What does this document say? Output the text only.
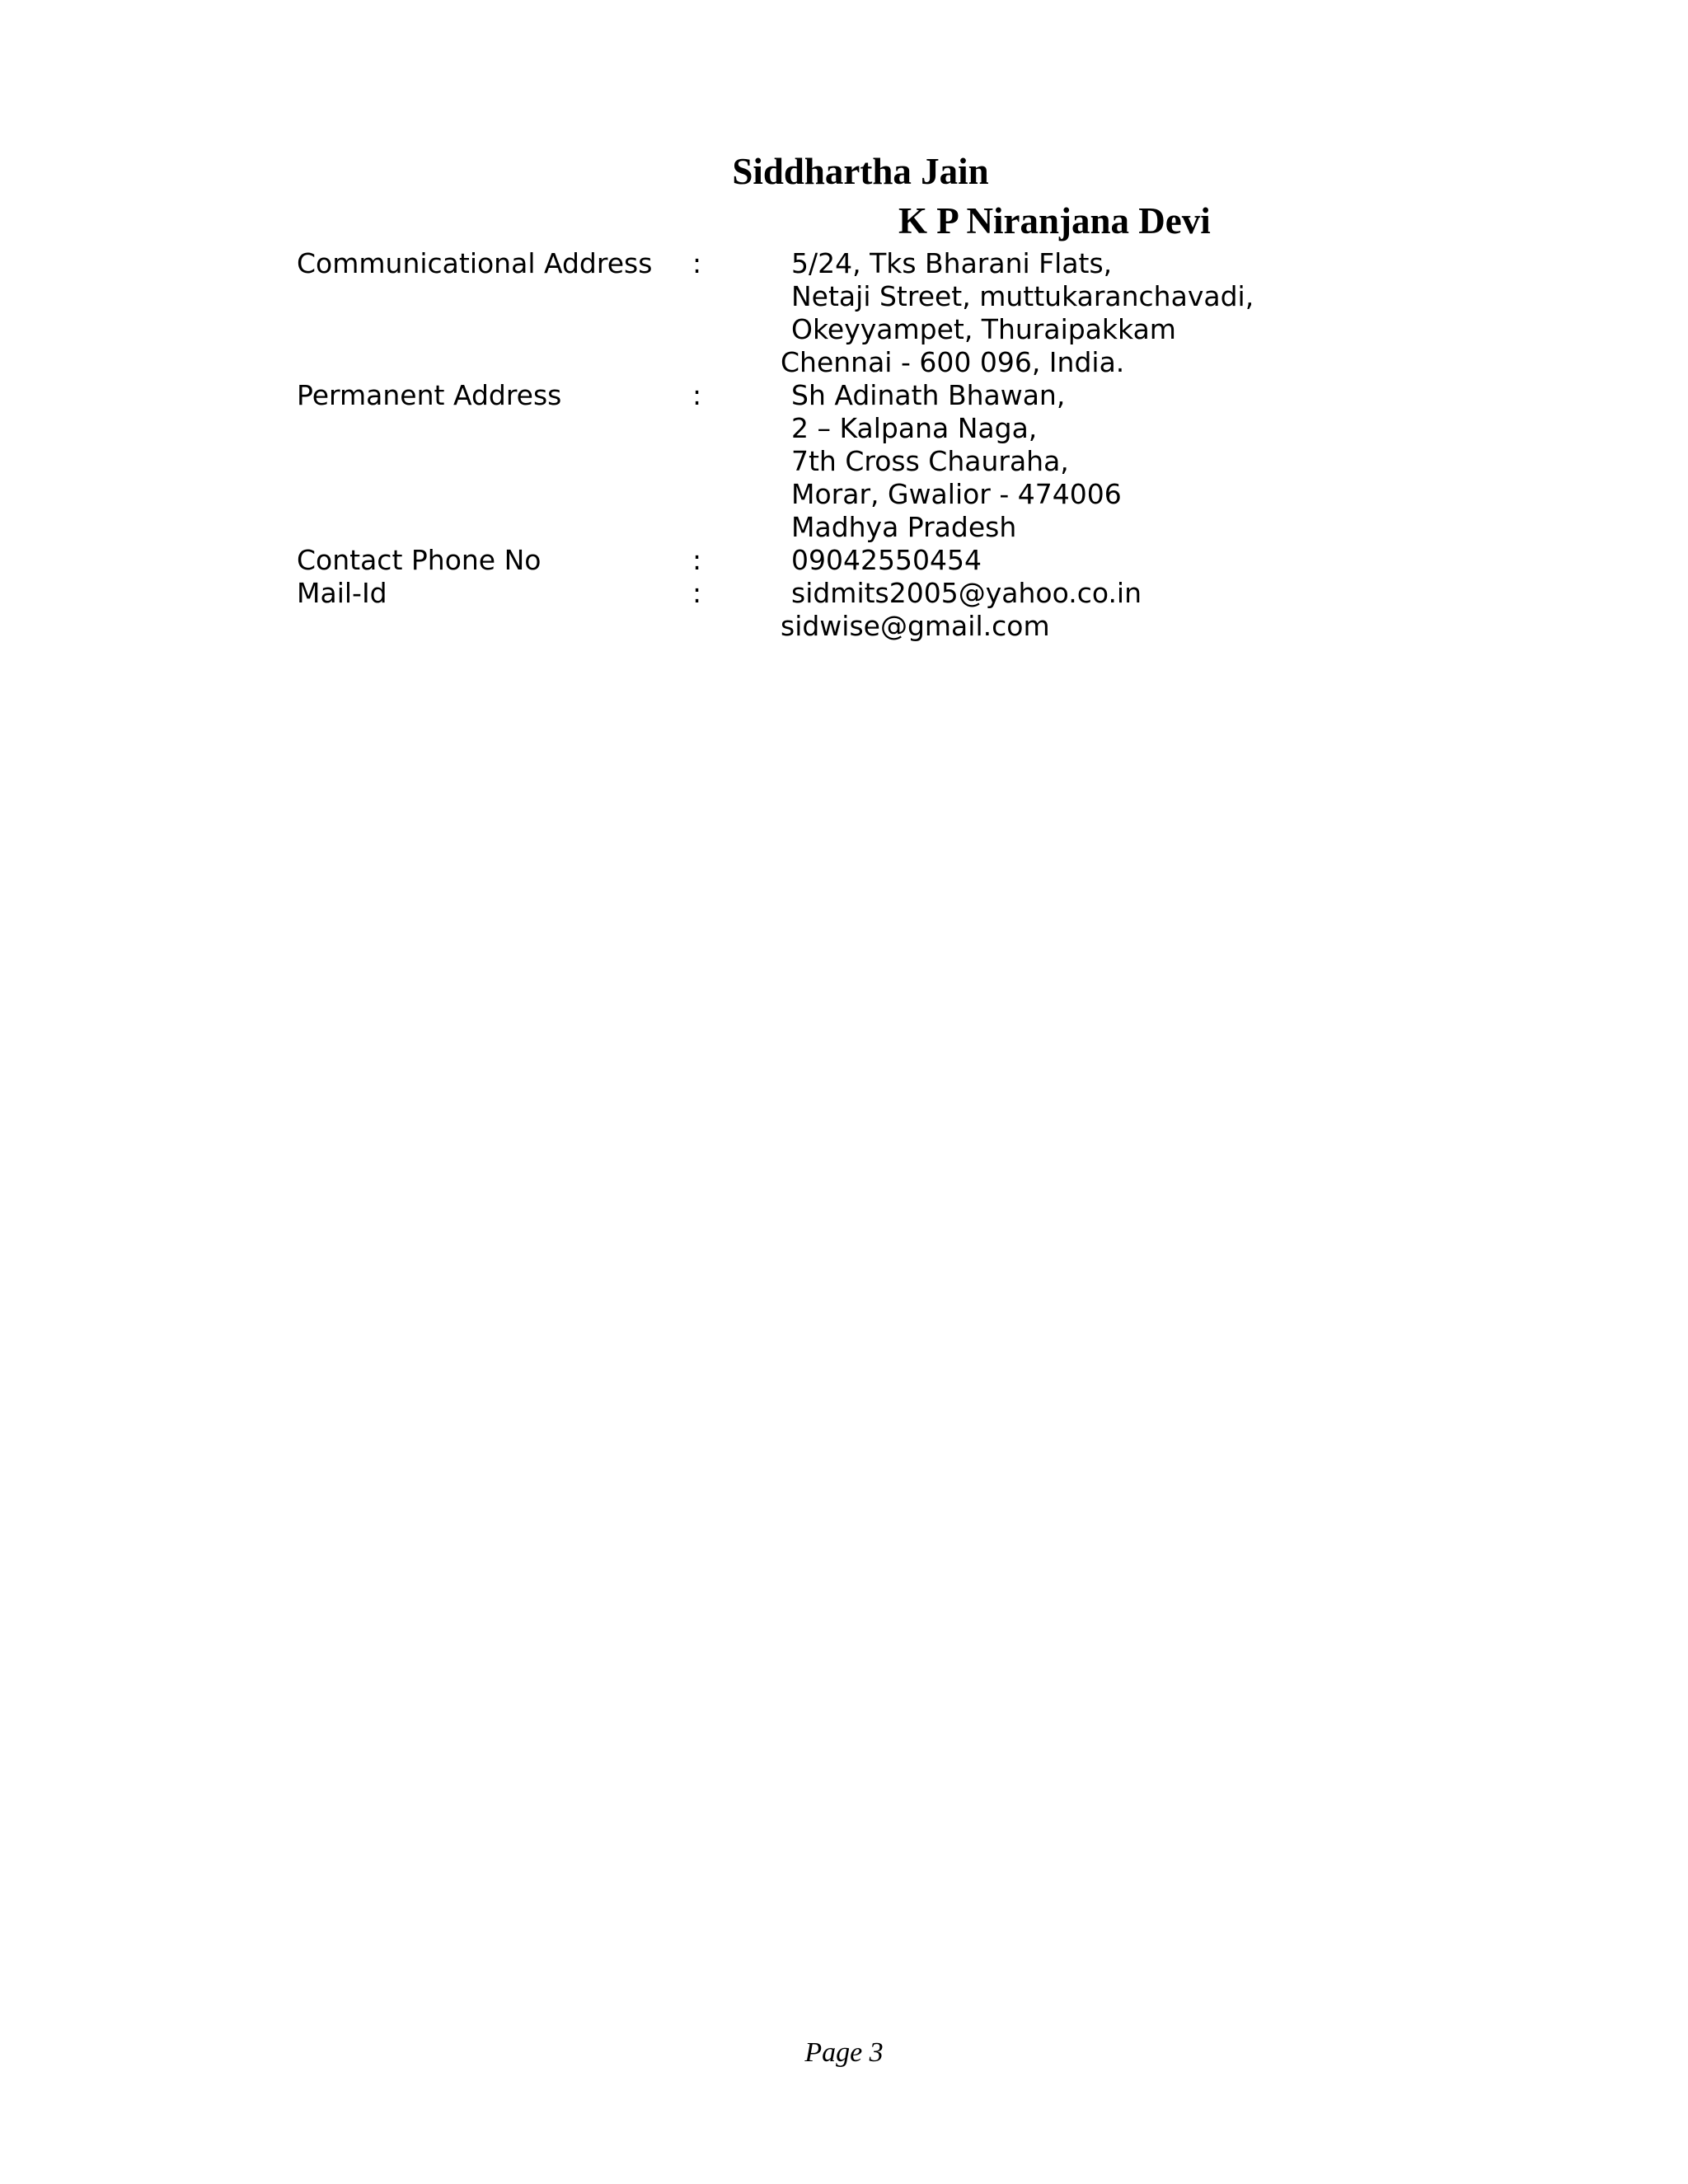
Siddhartha Jain
K P Niranjana Devi
Communicational Address	:	5/24, Tks Bharani Flats,
Netaji Street, muttukaranchavadi,
Okeyyampet, Thuraipakkam
Chennai - 600 096, India.
Permanent Address	:	Sh Adinath Bhawan,
2 – Kalpana Naga,
7th Cross Chauraha,
Morar, Gwalior - 474006
Madhya Pradesh
Contact Phone No	:	09042550454
Mail-Id	:	sidmits2005@yahoo.co.in
sidwise@gmail.com
Page 3
